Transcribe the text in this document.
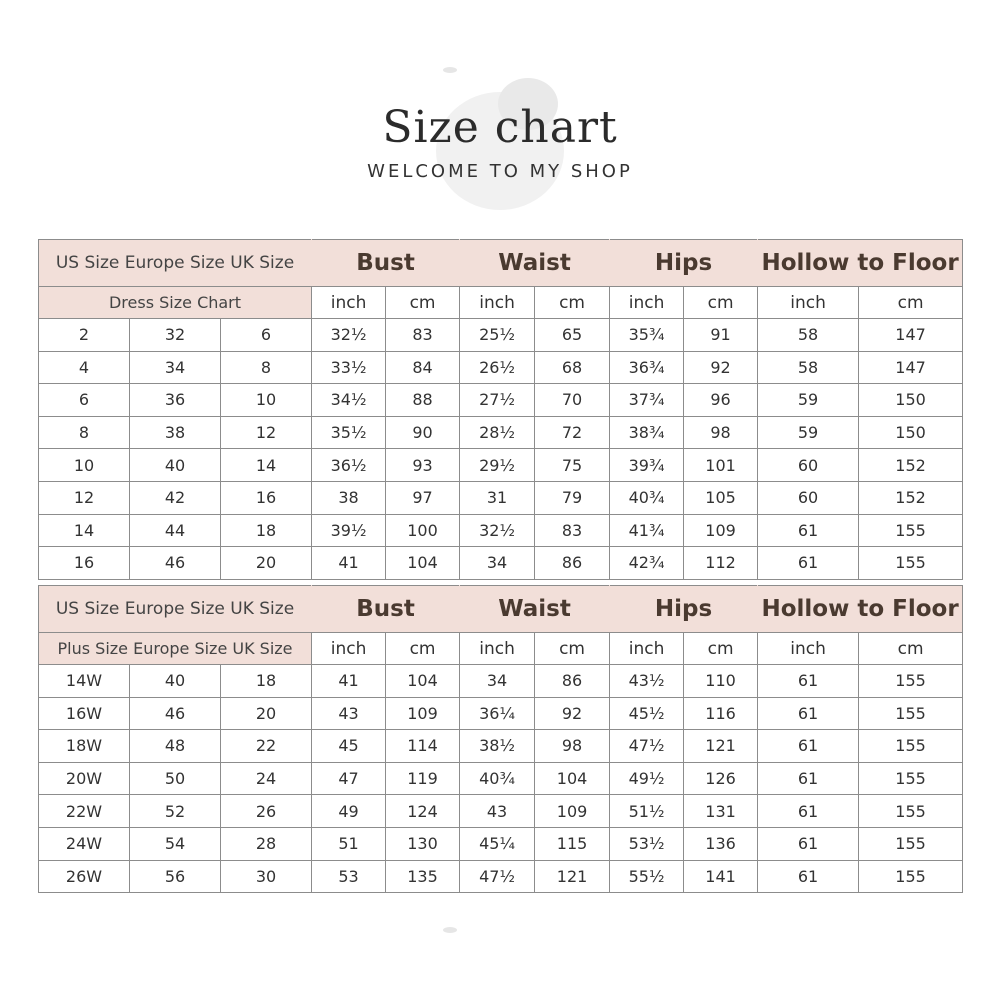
Size chart
WELCOME TO MY SHOP
US Size Europe Size UK Size			Bust		Waist		Hips		Hollow to Floor	
Dress Size Chart			inch	cm	inch	cm	inch	cm	inch	cm
2	32	6	32½	83	25½	65	35¾	91	58	147
4	34	8	33½	84	26½	68	36¾	92	58	147
6	36	10	34½	88	27½	70	37¾	96	59	150
8	38	12	35½	90	28½	72	38¾	98	59	150
10	40	14	36½	93	29½	75	39¾	101	60	152
12	42	16	38	97	31	79	40¾	105	60	152
14	44	18	39½	100	32½	83	41¾	109	61	155
16	46	20	41	104	34	86	42¾	112	61	155
US Size Europe Size UK Size			Bust		Waist		Hips		Hollow to Floor	
Plus Size Europe Size UK Size			inch	cm	inch	cm	inch	cm	inch	cm
14W	40	18	41	104	34	86	43½	110	61	155
16W	46	20	43	109	36¼	92	45½	116	61	155
18W	48	22	45	114	38½	98	47½	121	61	155
20W	50	24	47	119	40¾	104	49½	126	61	155
22W	52	26	49	124	43	109	51½	131	61	155
24W	54	28	51	130	45¼	115	53½	136	61	155
26W	56	30	53	135	47½	121	55½	141	61	155
